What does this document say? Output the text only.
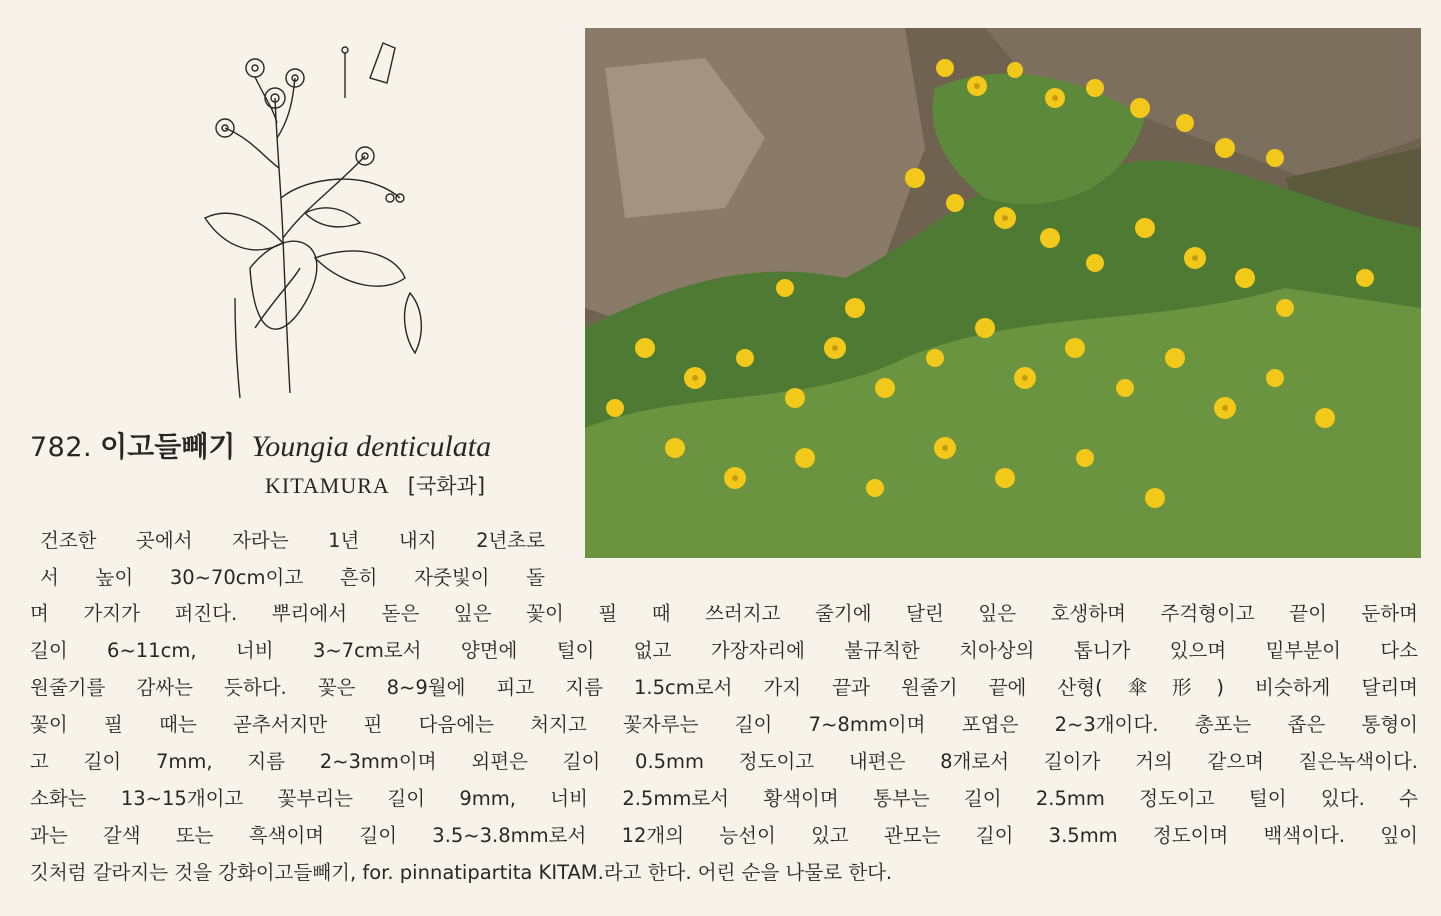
782. 이고들빼기 Youngia denticulata
KITAMURA [국화과]
건조한 곳에서 자라는 1년 내지 2년초로
서 높이 30~70cm이고 흔히 자줏빛이 돌
며 가지가 퍼진다. 뿌리에서 돋은 잎은 꽃이 필 때 쓰러지고 줄기에 달린 잎은 호생하며 주걱형이고 끝이 둔하며
길이 6~11cm, 너비 3~7cm로서 양면에 털이 없고 가장자리에 불규칙한 치아상의 톱니가 있으며 밑부분이 다소
원줄기를 감싸는 듯하다. 꽃은 8~9월에 피고 지름 1.5cm로서 가지 끝과 원줄기 끝에 산형(傘形) 비슷하게 달리며
꽃이 필 때는 곧추서지만 핀 다음에는 처지고 꽃자루는 길이 7~8mm이며 포엽은 2~3개이다. 총포는 좁은 통형이
고 길이 7mm, 지름 2~3mm이며 외편은 길이 0.5mm 정도이고 내편은 8개로서 길이가 거의 같으며 짙은녹색이다.
소화는 13~15개이고 꽃부리는 길이 9mm, 너비 2.5mm로서 황색이며 통부는 길이 2.5mm 정도이고 털이 있다. 수
과는 갈색 또는 흑색이며 길이 3.5~3.8mm로서 12개의 능선이 있고 관모는 길이 3.5mm 정도이며 백색이다. 잎이
깃처럼 갈라지는 것을 강화이고들빼기, for. pinnatipartita KITAM.라고 한다. 어린 순을 나물로 한다.
